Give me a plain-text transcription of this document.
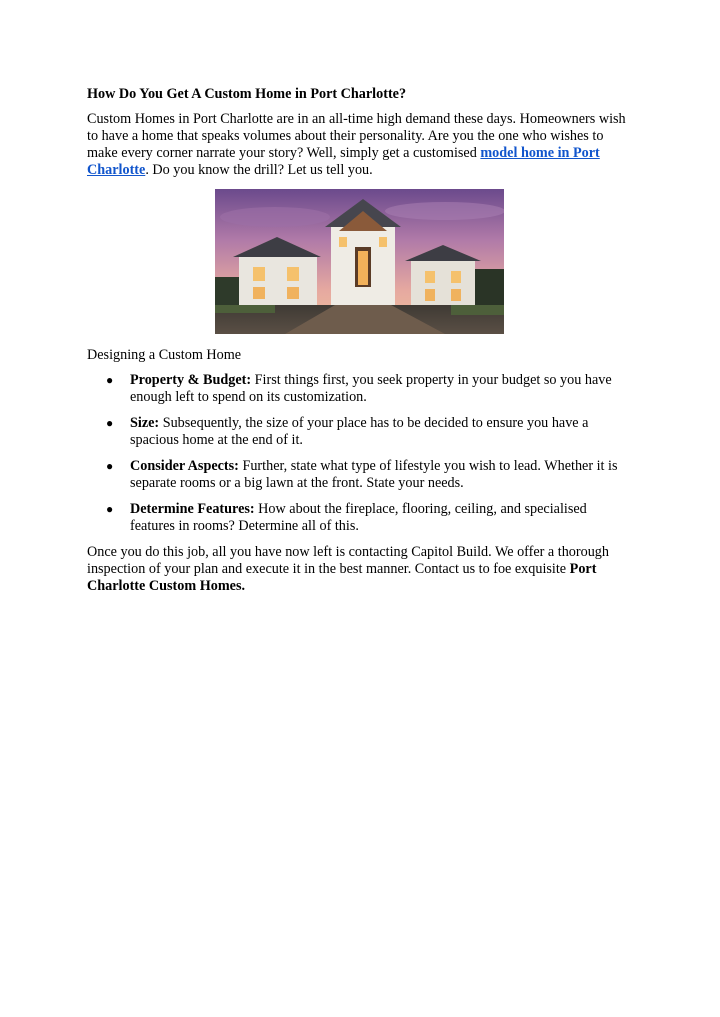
How Do You Get A Custom Home in Port Charlotte?

Custom Homes in Port Charlotte are in an all-time high demand these days. Homeowners wish to have a home that speaks volumes about their personality. Are you the one who wishes to make every corner narrate your story? Well, simply get a customised model home in Port Charlotte. Do you know the drill? Let us tell you.

Designing a Custom Home

● Property & Budget: First things first, you seek property in your budget so you have enough left to spend on its customization.
● Size: Subsequently, the size of your place has to be decided to ensure you have a spacious home at the end of it.
● Consider Aspects: Further, state what type of lifestyle you wish to lead. Whether it is separate rooms or a big lawn at the front. State your needs.
● Determine Features: How about the fireplace, flooring, ceiling, and specialised features in rooms? Determine all of this.

Once you do this job, all you have now left is contacting Capitol Build. We offer a thorough inspection of your plan and execute it in the best manner. Contact us to foe exquisite Port Charlotte Custom Homes.
